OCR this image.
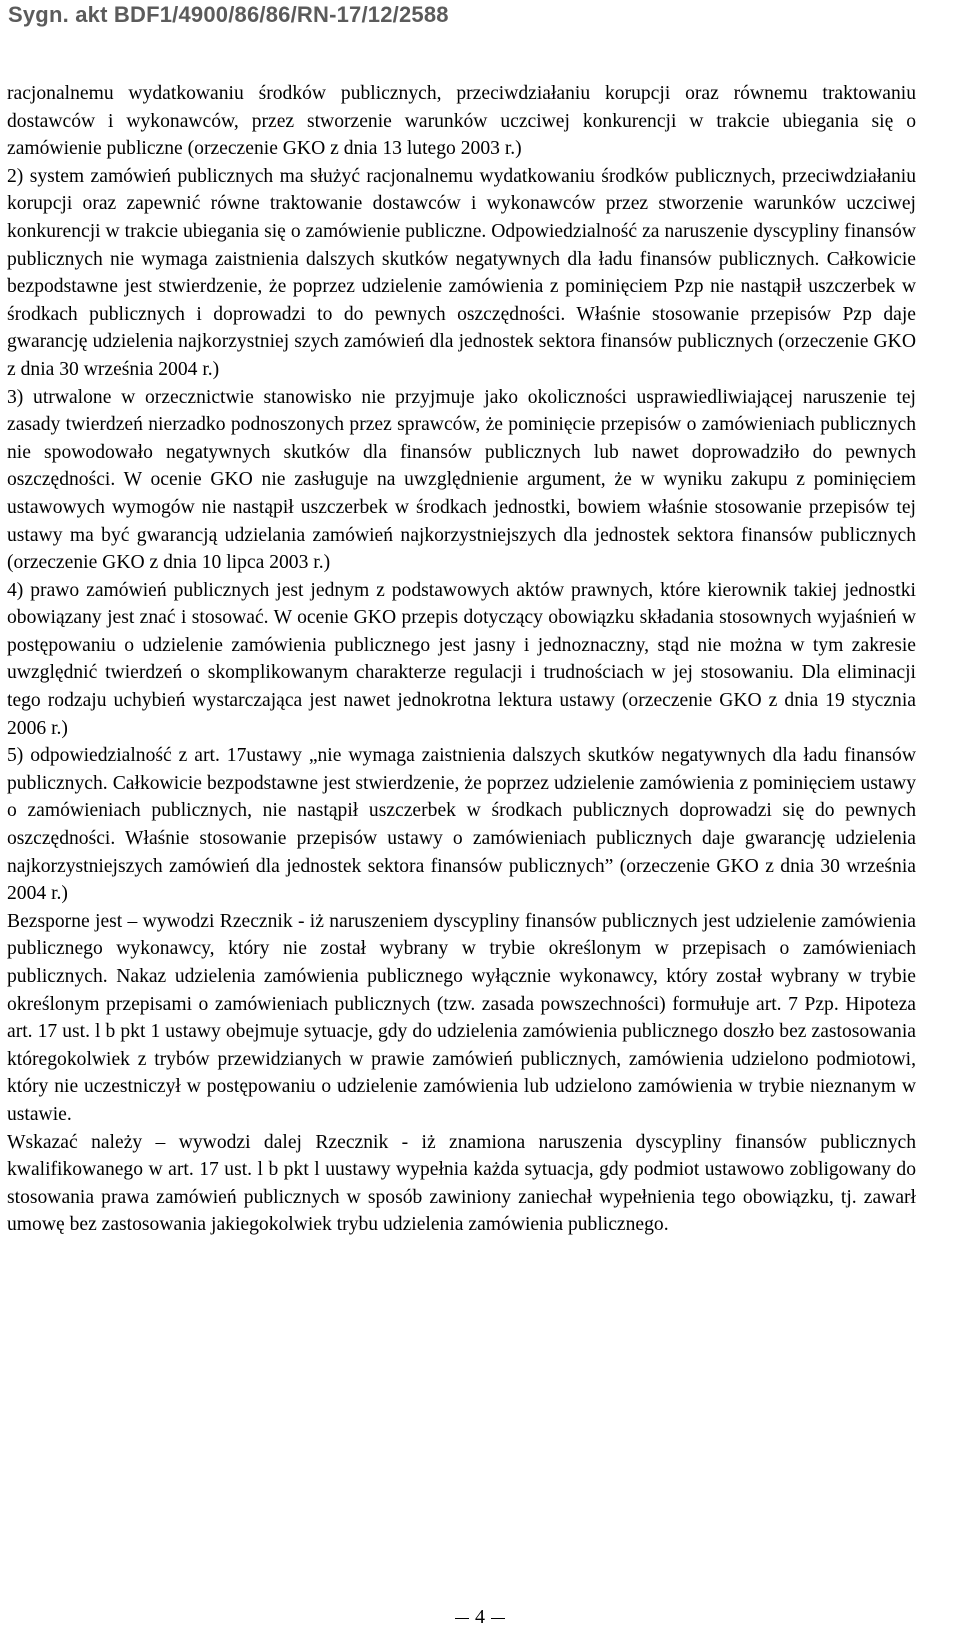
Sygn. akt BDF1/4900/86/86/RN-17/12/2588

racjonalnemu wydatkowaniu środków publicznych, przeciwdziałaniu korupcji oraz równemu traktowaniu dostawców i wykonawców, przez stworzenie warunków uczciwej konkurencji w trakcie ubiegania się o zamówienie publiczne (orzeczenie GKO z dnia 13 lutego 2003 r.)

2) system zamówień publicznych ma służyć racjonalnemu wydatkowaniu środków publicznych, przeciwdziałaniu korupcji oraz zapewnić równe traktowanie dostawców i wykonawców przez stworzenie warunków uczciwej konkurencji w trakcie ubiegania się o zamówienie publiczne. Odpowiedzialność za naruszenie dyscypliny finansów publicznych nie wymaga zaistnienia dalszych skutków negatywnych dla ładu finansów publicznych. Całkowicie bezpodstawne jest stwierdzenie, że poprzez udzielenie zamówienia z pominięciem Pzp nie nastąpił uszczerbek w środkach publicznych i doprowadzi to do pewnych oszczędności. Właśnie stosowanie przepisów Pzp daje gwarancję udzielenia najkorzystniej szych zamówień dla jednostek sektora finansów publicznych (orzeczenie GKO z dnia 30 września 2004 r.)

3) utrwalone w orzecznictwie stanowisko nie przyjmuje jako okoliczności usprawiedliwiającej naruszenie tej zasady twierdzeń nierzadko podnoszonych przez sprawców, że pominięcie przepisów o zamówieniach publicznych nie spowodowało negatywnych skutków dla finansów publicznych lub nawet doprowadziło do pewnych oszczędności. W ocenie GKO nie zasługuje na uwzględnienie argument, że w wyniku zakupu z pominięciem ustawowych wymogów nie nastąpił uszczerbek w środkach jednostki, bowiem właśnie stosowanie przepisów tej ustawy ma być gwarancją udzielania zamówień najkorzystniejszych dla jednostek sektora finansów publicznych (orzeczenie GKO z dnia 10 lipca 2003 r.)

4) prawo zamówień publicznych jest jednym z podstawowych aktów prawnych, które kierownik takiej jednostki obowiązany jest znać i stosować. W ocenie GKO przepis dotyczący obowiązku składania stosownych wyjaśnień w postępowaniu o udzielenie zamówienia publicznego jest jasny i jednoznaczny, stąd nie można w tym zakresie uwzględnić twierdzeń o skomplikowanym charakterze regulacji i trudnościach w jej stosowaniu. Dla eliminacji tego rodzaju uchybień wystarczająca jest nawet jednokrotna lektura ustawy (orzeczenie GKO z dnia 19 stycznia 2006 r.)

5) odpowiedzialność z art. 17ustawy „nie wymaga zaistnienia dalszych skutków negatywnych dla ładu finansów publicznych. Całkowicie bezpodstawne jest stwierdzenie, że poprzez udzielenie zamówienia z pominięciem ustawy o zamówieniach publicznych, nie nastąpił uszczerbek w środkach publicznych doprowadzi się do pewnych oszczędności. Właśnie stosowanie przepisów ustawy o zamówieniach publicznych daje gwarancję udzielenia najkorzystniejszych zamówień dla jednostek sektora finansów publicznych” (orzeczenie GKO z dnia 30 września 2004 r.)

Bezsporne jest – wywodzi Rzecznik - iż naruszeniem dyscypliny finansów publicznych jest udzielenie zamówienia publicznego wykonawcy, który nie został wybrany w trybie określonym w przepisach o zamówieniach publicznych. Nakaz udzielenia zamówienia publicznego wyłącznie wykonawcy, który został wybrany w trybie określonym przepisami o zamówieniach publicznych (tzw. zasada powszechności) formułuje art. 7 Pzp. Hipoteza art. 17 ust. l b pkt 1 ustawy obejmuje sytuacje, gdy do udzielenia zamówienia publicznego doszło bez zastosowania któregokolwiek z trybów przewidzianych w prawie zamówień publicznych, zamówienia udzielono podmiotowi, który nie uczestniczył w postępowaniu o udzielenie zamówienia lub udzielono zamówienia w trybie nieznanym w ustawie.

Wskazać należy – wywodzi dalej Rzecznik - iż znamiona naruszenia dyscypliny finansów publicznych kwalifikowanego w art. 17 ust. l b pkt l uustawy wypełnia każda sytuacja, gdy podmiot ustawowo zobligowany do stosowania prawa zamówień publicznych w sposób zawiniony zaniechał wypełnienia tego obowiązku, tj. zawarł umowę bez zastosowania jakiegokolwiek trybu udzielenia zamówienia publicznego.

4
